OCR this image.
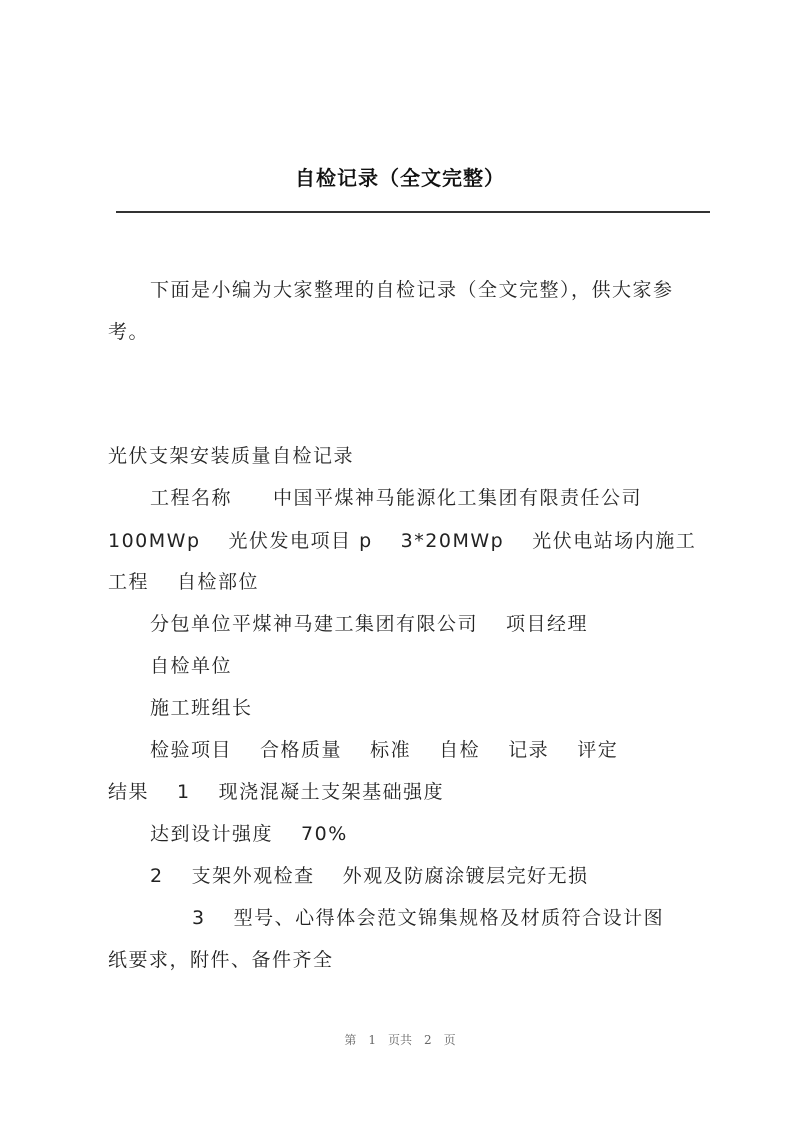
自检记录（全文完整）
下面是小编为大家整理的自检记录（全文完整），供大家参
考。
光伏支架安装质量自检记录
工程名称　　中国平煤神马能源化工集团有限责任公司
100MWp　 光伏发电项目 p　 3*20MWp　 光伏电站场内施工
工程　 自检部位
分包单位平煤神马建工集团有限公司　 项目经理
自检单位
施工班组长
检验项目　 合格质量　 标准　 自检　 记录　 评定
结果　 1　 现浇混凝土支架基础强度
达到设计强度　 70%
2　 支架外观检查　 外观及防腐涂镀层完好无损
3　 型号、心得体会范文锦集规格及材质符合设计图
纸要求，附件、备件齐全
第　1　页共　2　页
